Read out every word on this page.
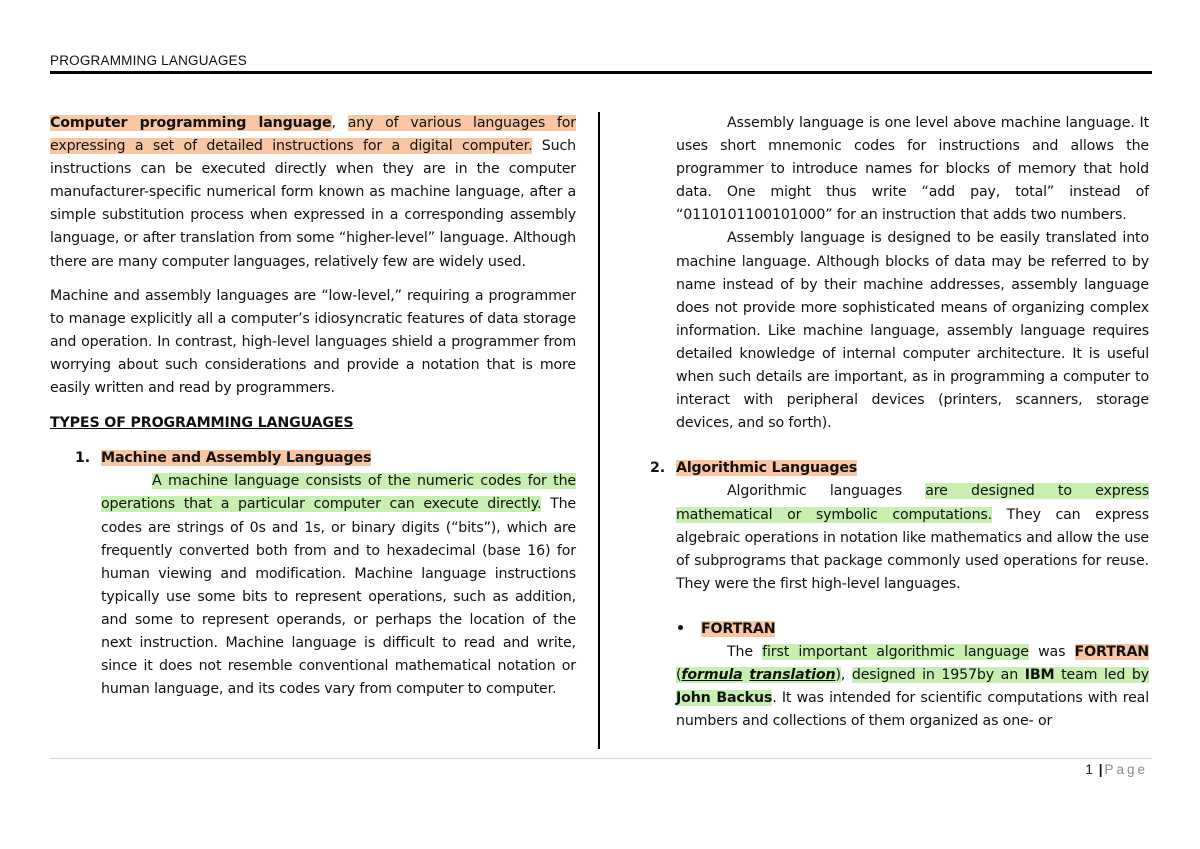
PROGRAMMING LANGUAGES

Computer programming language, any of various languages for expressing a set of detailed instructions for a digital computer. Such instructions can be executed directly when they are in the computer manufacturer-specific numerical form known as machine language, after a simple substitution process when expressed in a corresponding assembly language, or after translation from some “higher-level” language. Although there are many computer languages, relatively few are widely used.

Machine and assembly languages are “low-level,” requiring a programmer to manage explicitly all a computer’s idiosyncratic features of data storage and operation. In contrast, high-level languages shield a programmer from worrying about such considerations and provide a notation that is more easily written and read by programmers.

TYPES OF PROGRAMMING LANGUAGES

1. Machine and Assembly Languages

A machine language consists of the numeric codes for the operations that a particular computer can execute directly. The codes are strings of 0s and 1s, or binary digits (“bits”), which are frequently converted both from and to hexadecimal (base 16) for human viewing and modification. Machine language instructions typically use some bits to represent operations, such as addition, and some to represent operands, or perhaps the location of the next instruction. Machine language is difficult to read and write, since it does not resemble conventional mathematical notation or human language, and its codes vary from computer to computer.

Assembly language is one level above machine language. It uses short mnemonic codes for instructions and allows the programmer to introduce names for blocks of memory that hold data. One might thus write “add pay, total” instead of “0110101100101000” for an instruction that adds two numbers.

Assembly language is designed to be easily translated into machine language. Although blocks of data may be referred to by name instead of by their machine addresses, assembly language does not provide more sophisticated means of organizing complex information. Like machine language, assembly language requires detailed knowledge of internal computer architecture. It is useful when such details are important, as in programming a computer to interact with peripheral devices (printers, scanners, storage devices, and so forth).

2. Algorithmic Languages

Algorithmic languages are designed to express mathematical or symbolic computations. They can express algebraic operations in notation like mathematics and allow the use of subprograms that package commonly used operations for reuse. They were the first high-level languages.

• FORTRAN

The first important algorithmic language was FORTRAN (formula translation), designed in 1957by an IBM team led by John Backus. It was intended for scientific computations with real numbers and collections of them organized as one- or

1 | Page
